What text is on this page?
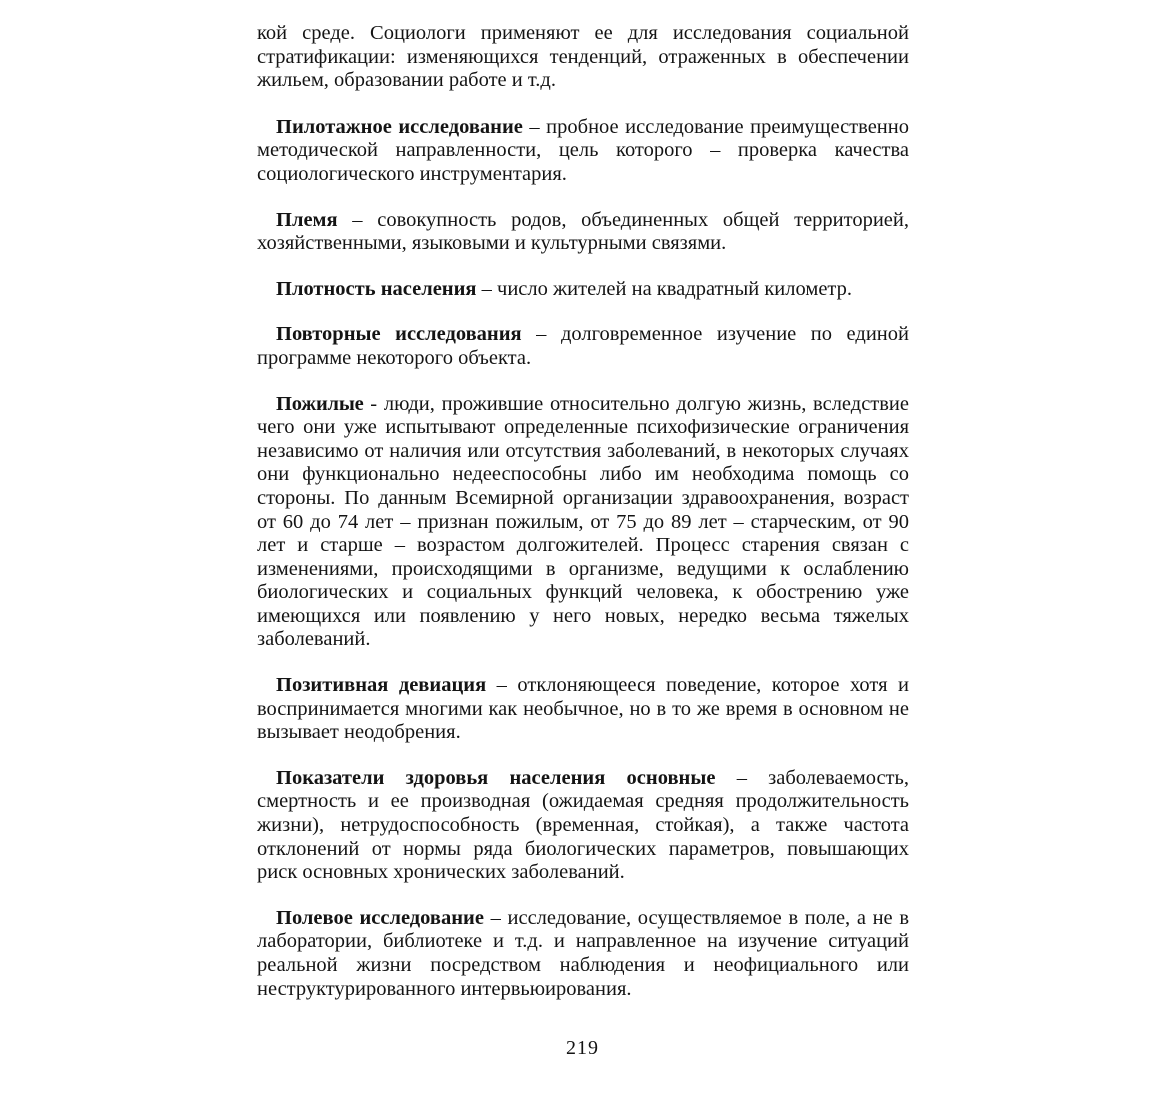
кой среде. Социологи применяют ее для исследования социальной стратификации: изменяющихся тенденций, отраженных в обеспечении жильем, образовании работе и т.д.

Пилотажное исследование – пробное исследование преимущественно методической направленности, цель которого – проверка качества социологического инструментария.

Племя – совокупность родов, объединенных общей территорией, хозяйственными, языковыми и культурными связями.

Плотность населения – число жителей на квадратный километр.

Повторные исследования – долговременное изучение по единой программе некоторого объекта.

Пожилые - люди, прожившие относительно долгую жизнь, вследствие чего они уже испытывают определенные психофизические ограничения независимо от наличия или отсутствия заболеваний, в некоторых случаях они функционально недееспособны либо им необходима помощь со стороны. По данным Всемирной организации здравоохранения, возраст от 60 до 74 лет – признан пожилым, от 75 до 89 лет – старческим, от 90 лет и старше – возрастом долгожителей. Процесс старения связан с изменениями, происходящими в организме, ведущими к ослаблению биологических и социальных функций человека, к обострению уже имеющихся или появлению у него новых, нередко весьма тяжелых заболеваний.

Позитивная девиация – отклоняющееся поведение, которое хотя и воспринимается многими как необычное, но в то же время в основном не вызывает неодобрения.

Показатели здоровья населения основные – заболеваемость, смертность и ее производная (ожидаемая средняя продолжительность жизни), нетрудоспособность (временная, стойкая), а также частота отклонений от нормы ряда биологических параметров, повышающих риск основных хронических заболеваний.

Полевое исследование – исследование, осуществляемое в поле, а не в лаборатории, библиотеке и т.д. и направленное на изучение ситуаций реальной жизни посредством наблюдения и неофициального или неструктурированного интервьюирования.

219
